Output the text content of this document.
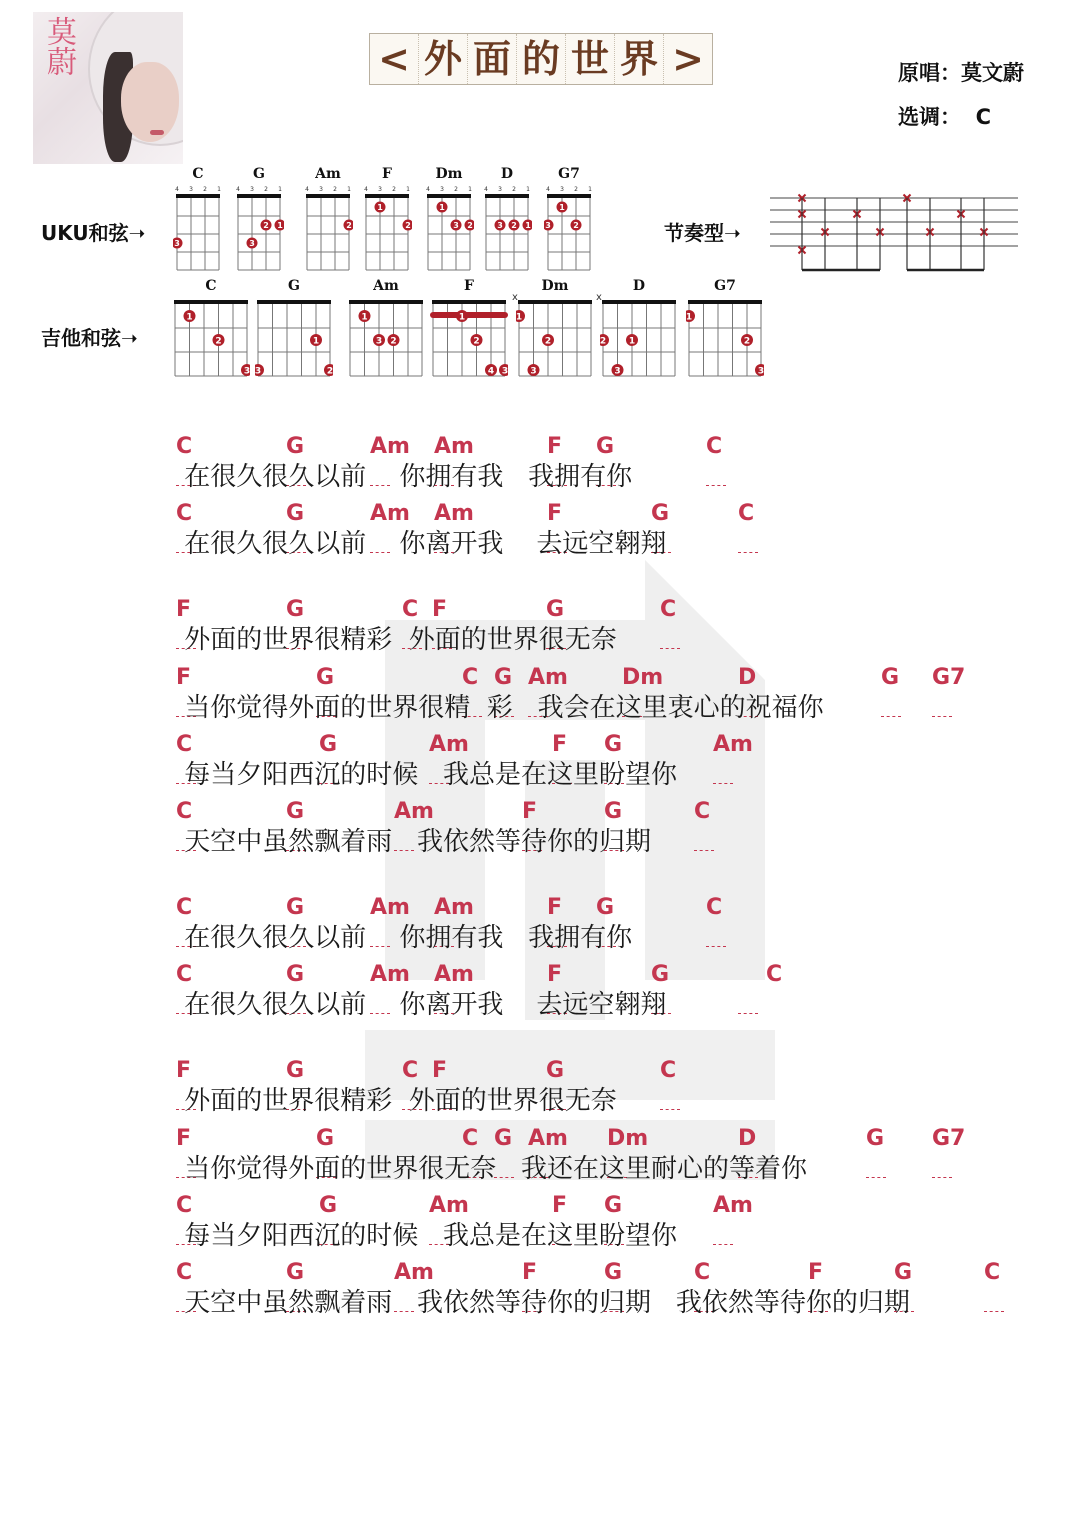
莫蔚	< 外 面 的 世 界 >	原唱：莫文蔚
选调：  C
UKU和弦➝
吉他和弦➝
节奏型➝
C
4 3 2 1
3
G
4 3 2 1
2 1
3
Am
4 3 2 1
2
F
4 3 2 1
1
2
Dm
4 3 2 1
1
2
3
D
4 3 2 1
1
2
3
G7
4 3 2 1
1
2
3
C
1
2
3
G
1
2
3
Am
1
2
3
F
1
2
3
4
Dm
x
1
2
3
D
x
1
2
3
G7
1
2
3
C	G	Am Am	F G	C
在很久很久以前    你拥有我   我拥有你
C	G	Am Am	F	G	C
在很久很久以前    你离开我    去远空翱翔
F	G	C F	G	C
外面的世界很精彩  外面的世界很无奈
F	G	C G Am Dm	D	G G7
当你觉得外面的世界很精  彩   我会在这里衷心的祝福你
C	G	Am	F G	Am
每当夕阳西沉的时候   我总是在这里盼望你
C	G	Am	F	G	C
天空中虽然飘着雨   我依然等待你的归期
C	G	Am Am	F G	C
在很久很久以前    你拥有我   我拥有你
C	G	Am Am	F	G	C
在很久很久以前    你离开我    去远空翱翔
F	G	C F	G	C
外面的世界很精彩  外面的世界很无奈
F	G	C G Am Dm	D	G G7
当你觉得外面的世界很无奈   我还在这里耐心的等着你
C	G	Am	F G	Am
每当夕阳西沉的时候   我总是在这里盼望你
C	G	Am	F	G	C	F	G	C
天空中虽然飘着雨   我依然等待你的归期   我依然等待你的归期
